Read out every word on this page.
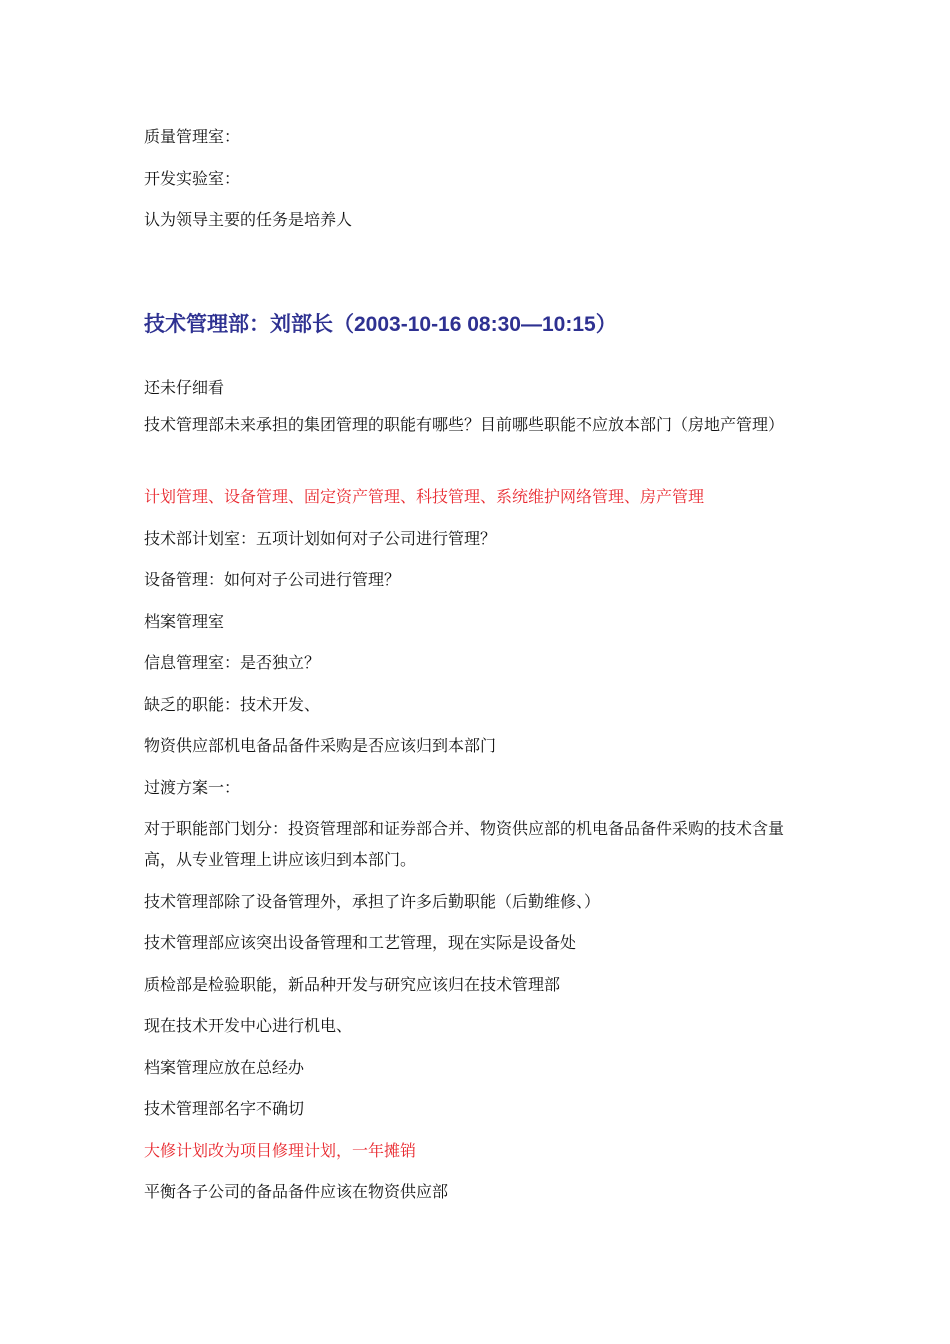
质量管理室：
开发实验室：
认为领导主要的任务是培养人
技术管理部：刘部长（2003-10-16 08:30—10:15）
还未仔细看
技术管理部未来承担的集团管理的职能有哪些？目前哪些职能不应放本部门（房地产管理）
计划管理、设备管理、固定资产管理、科技管理、系统维护网络管理、房产管理
技术部计划室：五项计划如何对子公司进行管理？
设备管理：如何对子公司进行管理？
档案管理室
信息管理室：是否独立？
缺乏的职能：技术开发、
物资供应部机电备品备件采购是否应该归到本部门
过渡方案一：
对于职能部门划分：投资管理部和证券部合并、物资供应部的机电备品备件采购的技术含量高，从专业管理上讲应该归到本部门。
技术管理部除了设备管理外，承担了许多后勤职能（后勤维修、）
技术管理部应该突出设备管理和工艺管理，现在实际是设备处
质检部是检验职能，新品种开发与研究应该归在技术管理部
现在技术开发中心进行机电、
档案管理应放在总经办
技术管理部名字不确切
大修计划改为项目修理计划，一年摊销
平衡各子公司的备品备件应该在物资供应部
